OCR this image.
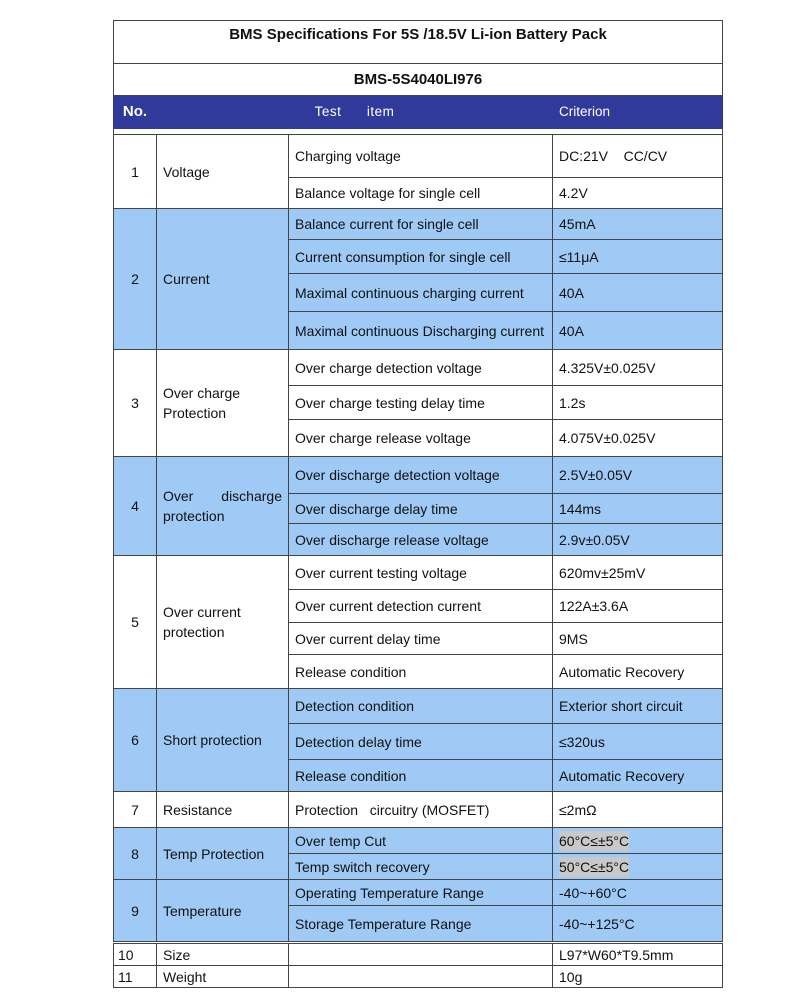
BMS Specifications For 5S /18.5V Li-ion Battery Pack			
BMS-5S4040LI976			
No.	Test      item		Criterion

1	Voltage	Charging voltage	DC:21V    CC/CV
		Balance voltage for single cell	4.2V
2	Current	Balance current for single cell	45mA
		Current consumption for single cell	≤11μA
		Maximal continuous charging current	40A
		Maximal continuous Discharging current	40A
3	Over charge Protection	Over charge detection voltage	4.325V±0.025V
		Over charge testing delay time	1.2s
		Over charge release voltage	4.075V±0.025V
4	Over discharge protection	Over discharge detection voltage	2.5V±0.05V
		Over discharge delay time	144ms
		Over discharge release voltage	2.9v±0.05V
5	Over current protection	Over current testing voltage	620mv±25mV
		Over current detection current	122A±3.6A
		Over current delay time	9MS
		Release condition	Automatic Recovery
6	Short protection	Detection condition	Exterior short circuit
		Detection delay time	≤320us
		Release condition	Automatic Recovery
7	Resistance	Protection   circuitry (MOSFET)	≤2mΩ
8	Temp Protection	Over temp Cut	60°C≤±5°C
		Temp switch recovery	50°C≤±5°C
9	Temperature	Operating Temperature Range	-40~+60°C
		Storage Temperature Range	-40~+125°C
10	Size		L97*W60*T9.5mm
11	Weight		10g
